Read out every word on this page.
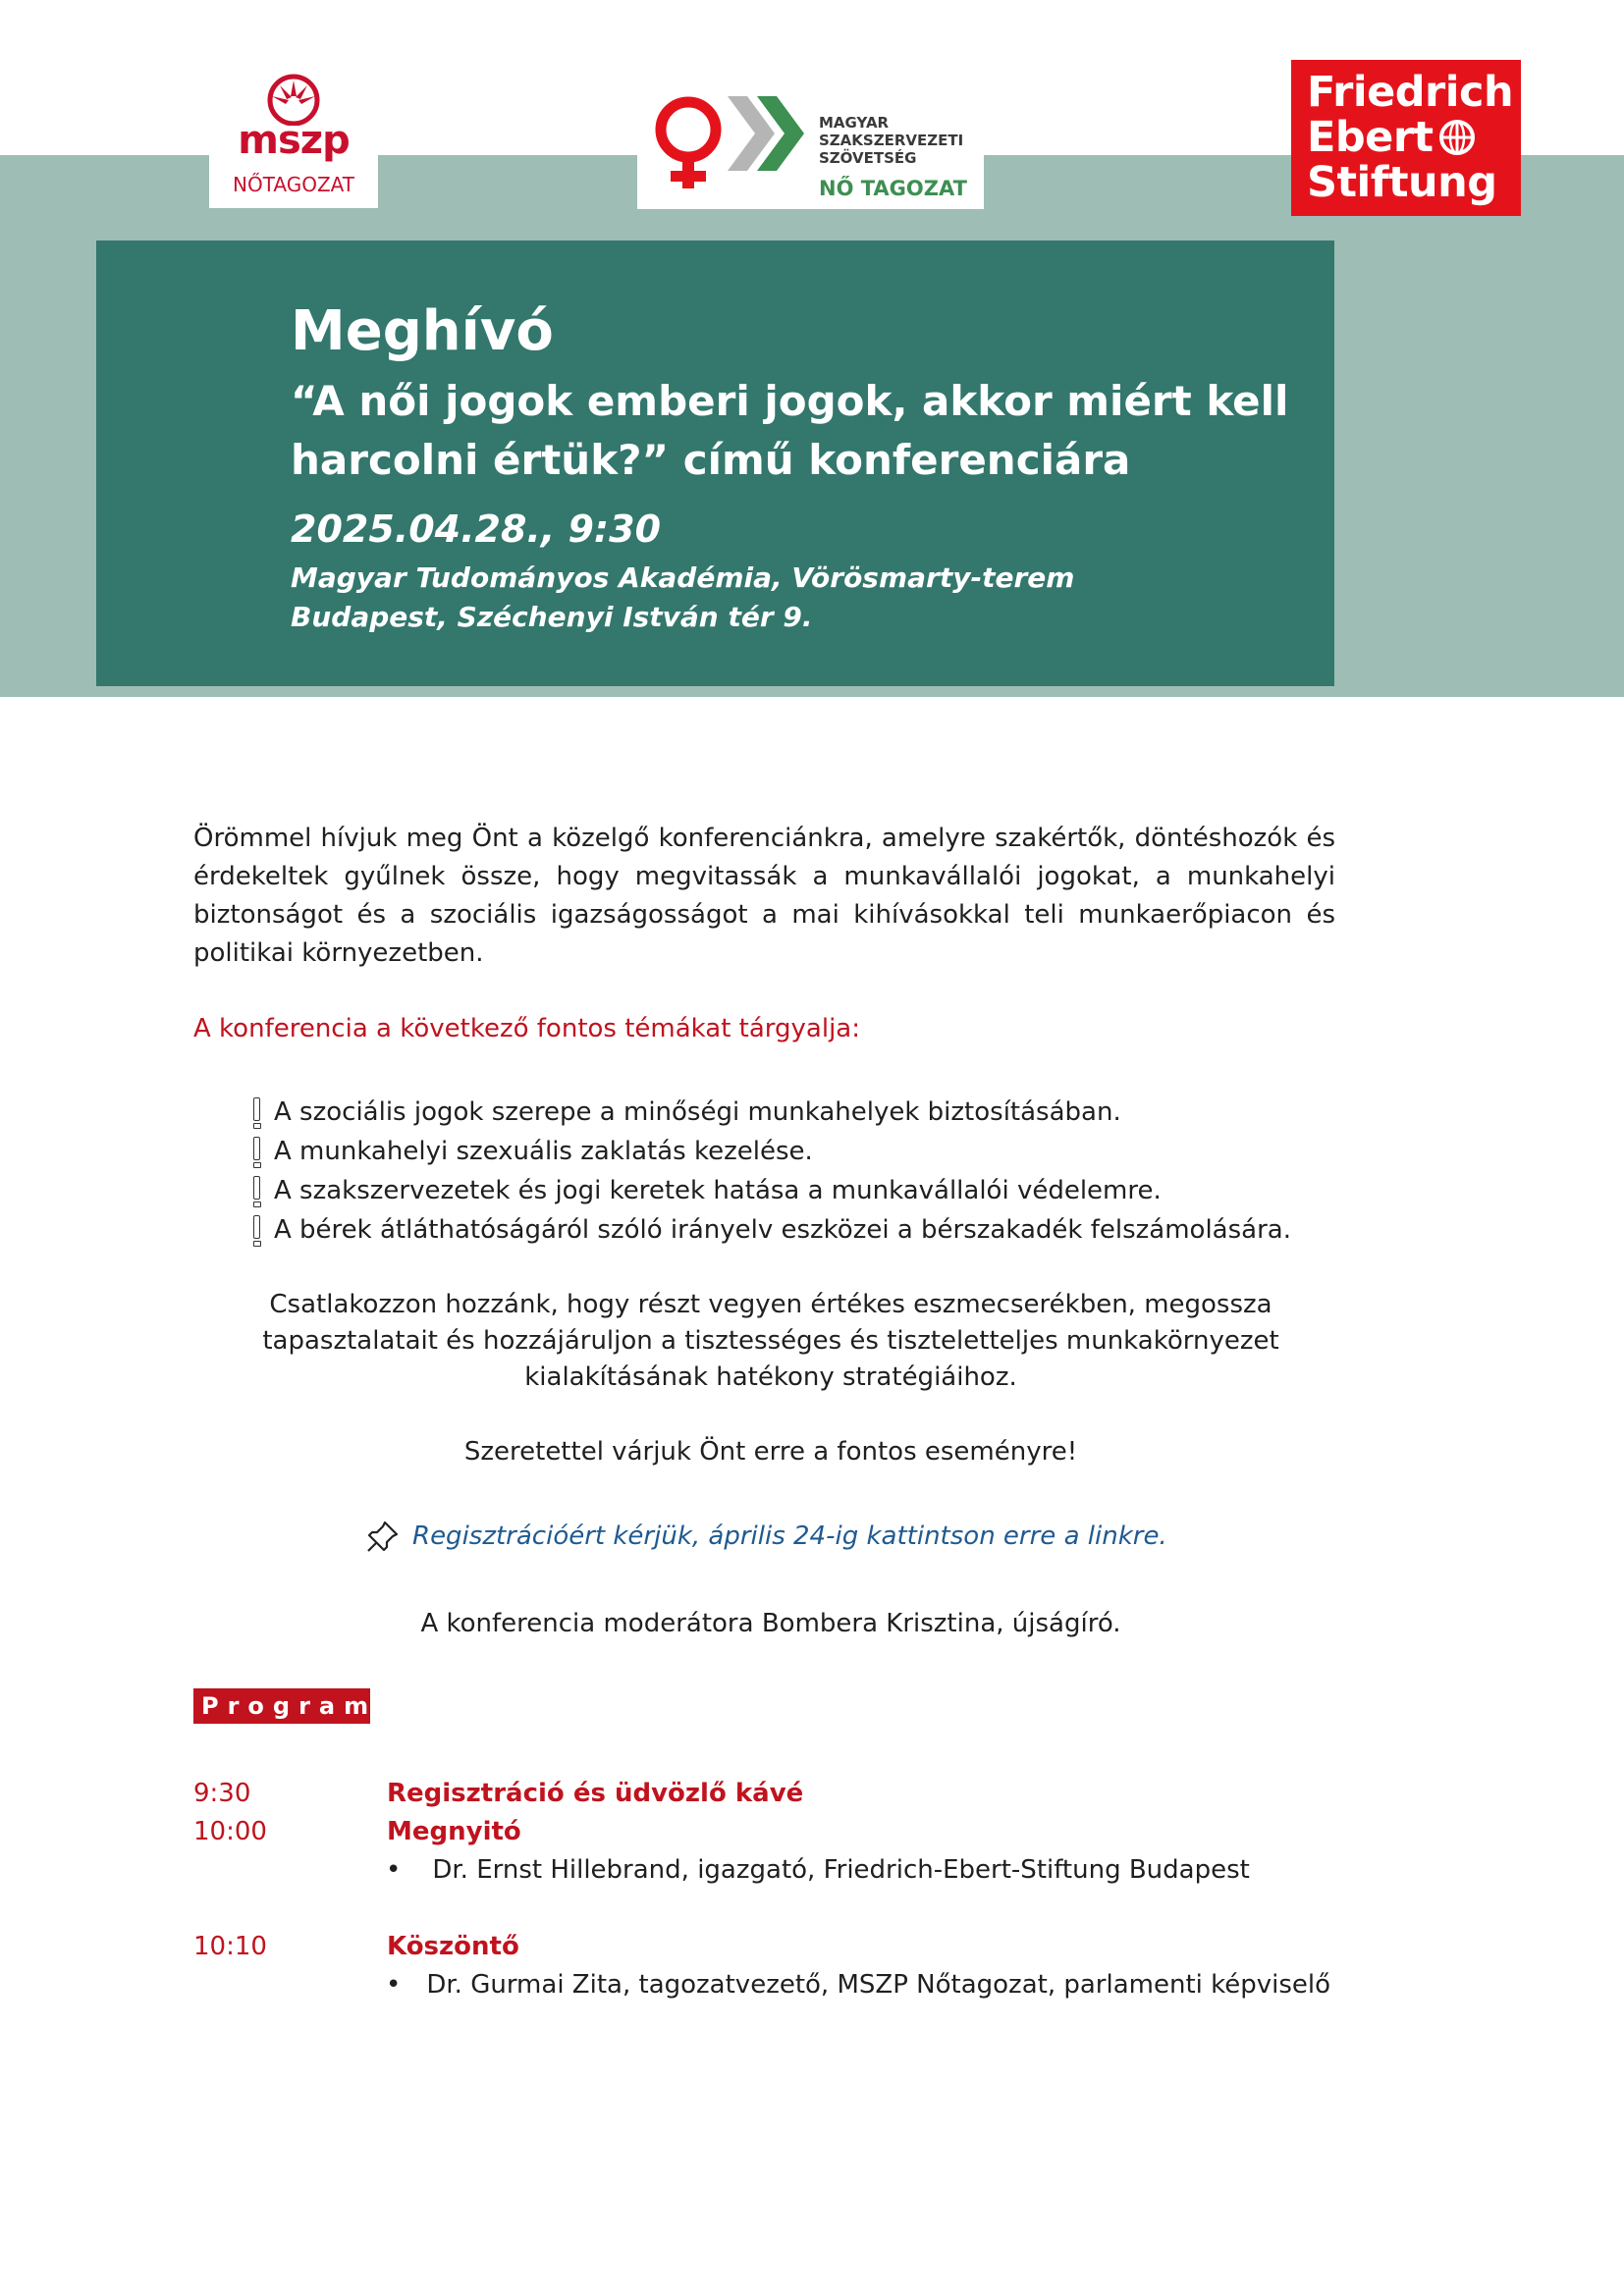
mszp
NŐTAGOZAT
MAGYAR
SZAKSZERVEZETI
SZÖVETSÉG
NŐ TAGOZAT
Friedrich
Ebert
Stiftung
Meghívó
“A női jogok emberi jogok, akkor miért kell harcolni értük?” című konferenciára
2025.04.28., 9:30
Magyar Tudományos Akadémia, Vörösmarty-terem
Budapest, Széchenyi István tér 9.
Örömmel hívjuk meg Önt a közelgő konferenciánkra, amelyre szakértők, döntéshozók és érdekeltek gyűlnek össze, hogy megvitassák a munkavállalói jogokat, a munkahelyi biztonságot és a szociális igazságosságot a mai kihívásokkal teli munkaerőpiacon és politikai környezetben.
A konferencia a következő fontos témákat tárgyalja:
A szociális jogok szerepe a minőségi munkahelyek biztosításában.
A munkahelyi szexuális zaklatás kezelése.
A szakszervezetek és jogi keretek hatása a munkavállalói védelemre.
A bérek átláthatóságáról szóló irányelv eszközei a bérszakadék felszámolására.
Csatlakozzon hozzánk, hogy részt vegyen értékes eszmecserékben, megossza
tapasztalatait és hozzájáruljon a tisztességes és tiszteletteljes munkakörnyezet
kialakításának hatékony stratégiáihoz.
Szeretettel várjuk Önt erre a fontos eseményre!
Regisztrációért kérjük, április 24-ig kattintson erre a linkre.
A konferencia moderátora Bombera Krisztina, újságíró.
Program
9:30	Regisztráció és üdvözlő kávé
10:00	Megnyitó
• Dr. Ernst Hillebrand, igazgató, Friedrich-Ebert-Stiftung Budapest
10:10	Köszöntő
• Dr. Gurmai Zita, tagozatvezető, MSZP Nőtagozat, parlamenti képviselő
